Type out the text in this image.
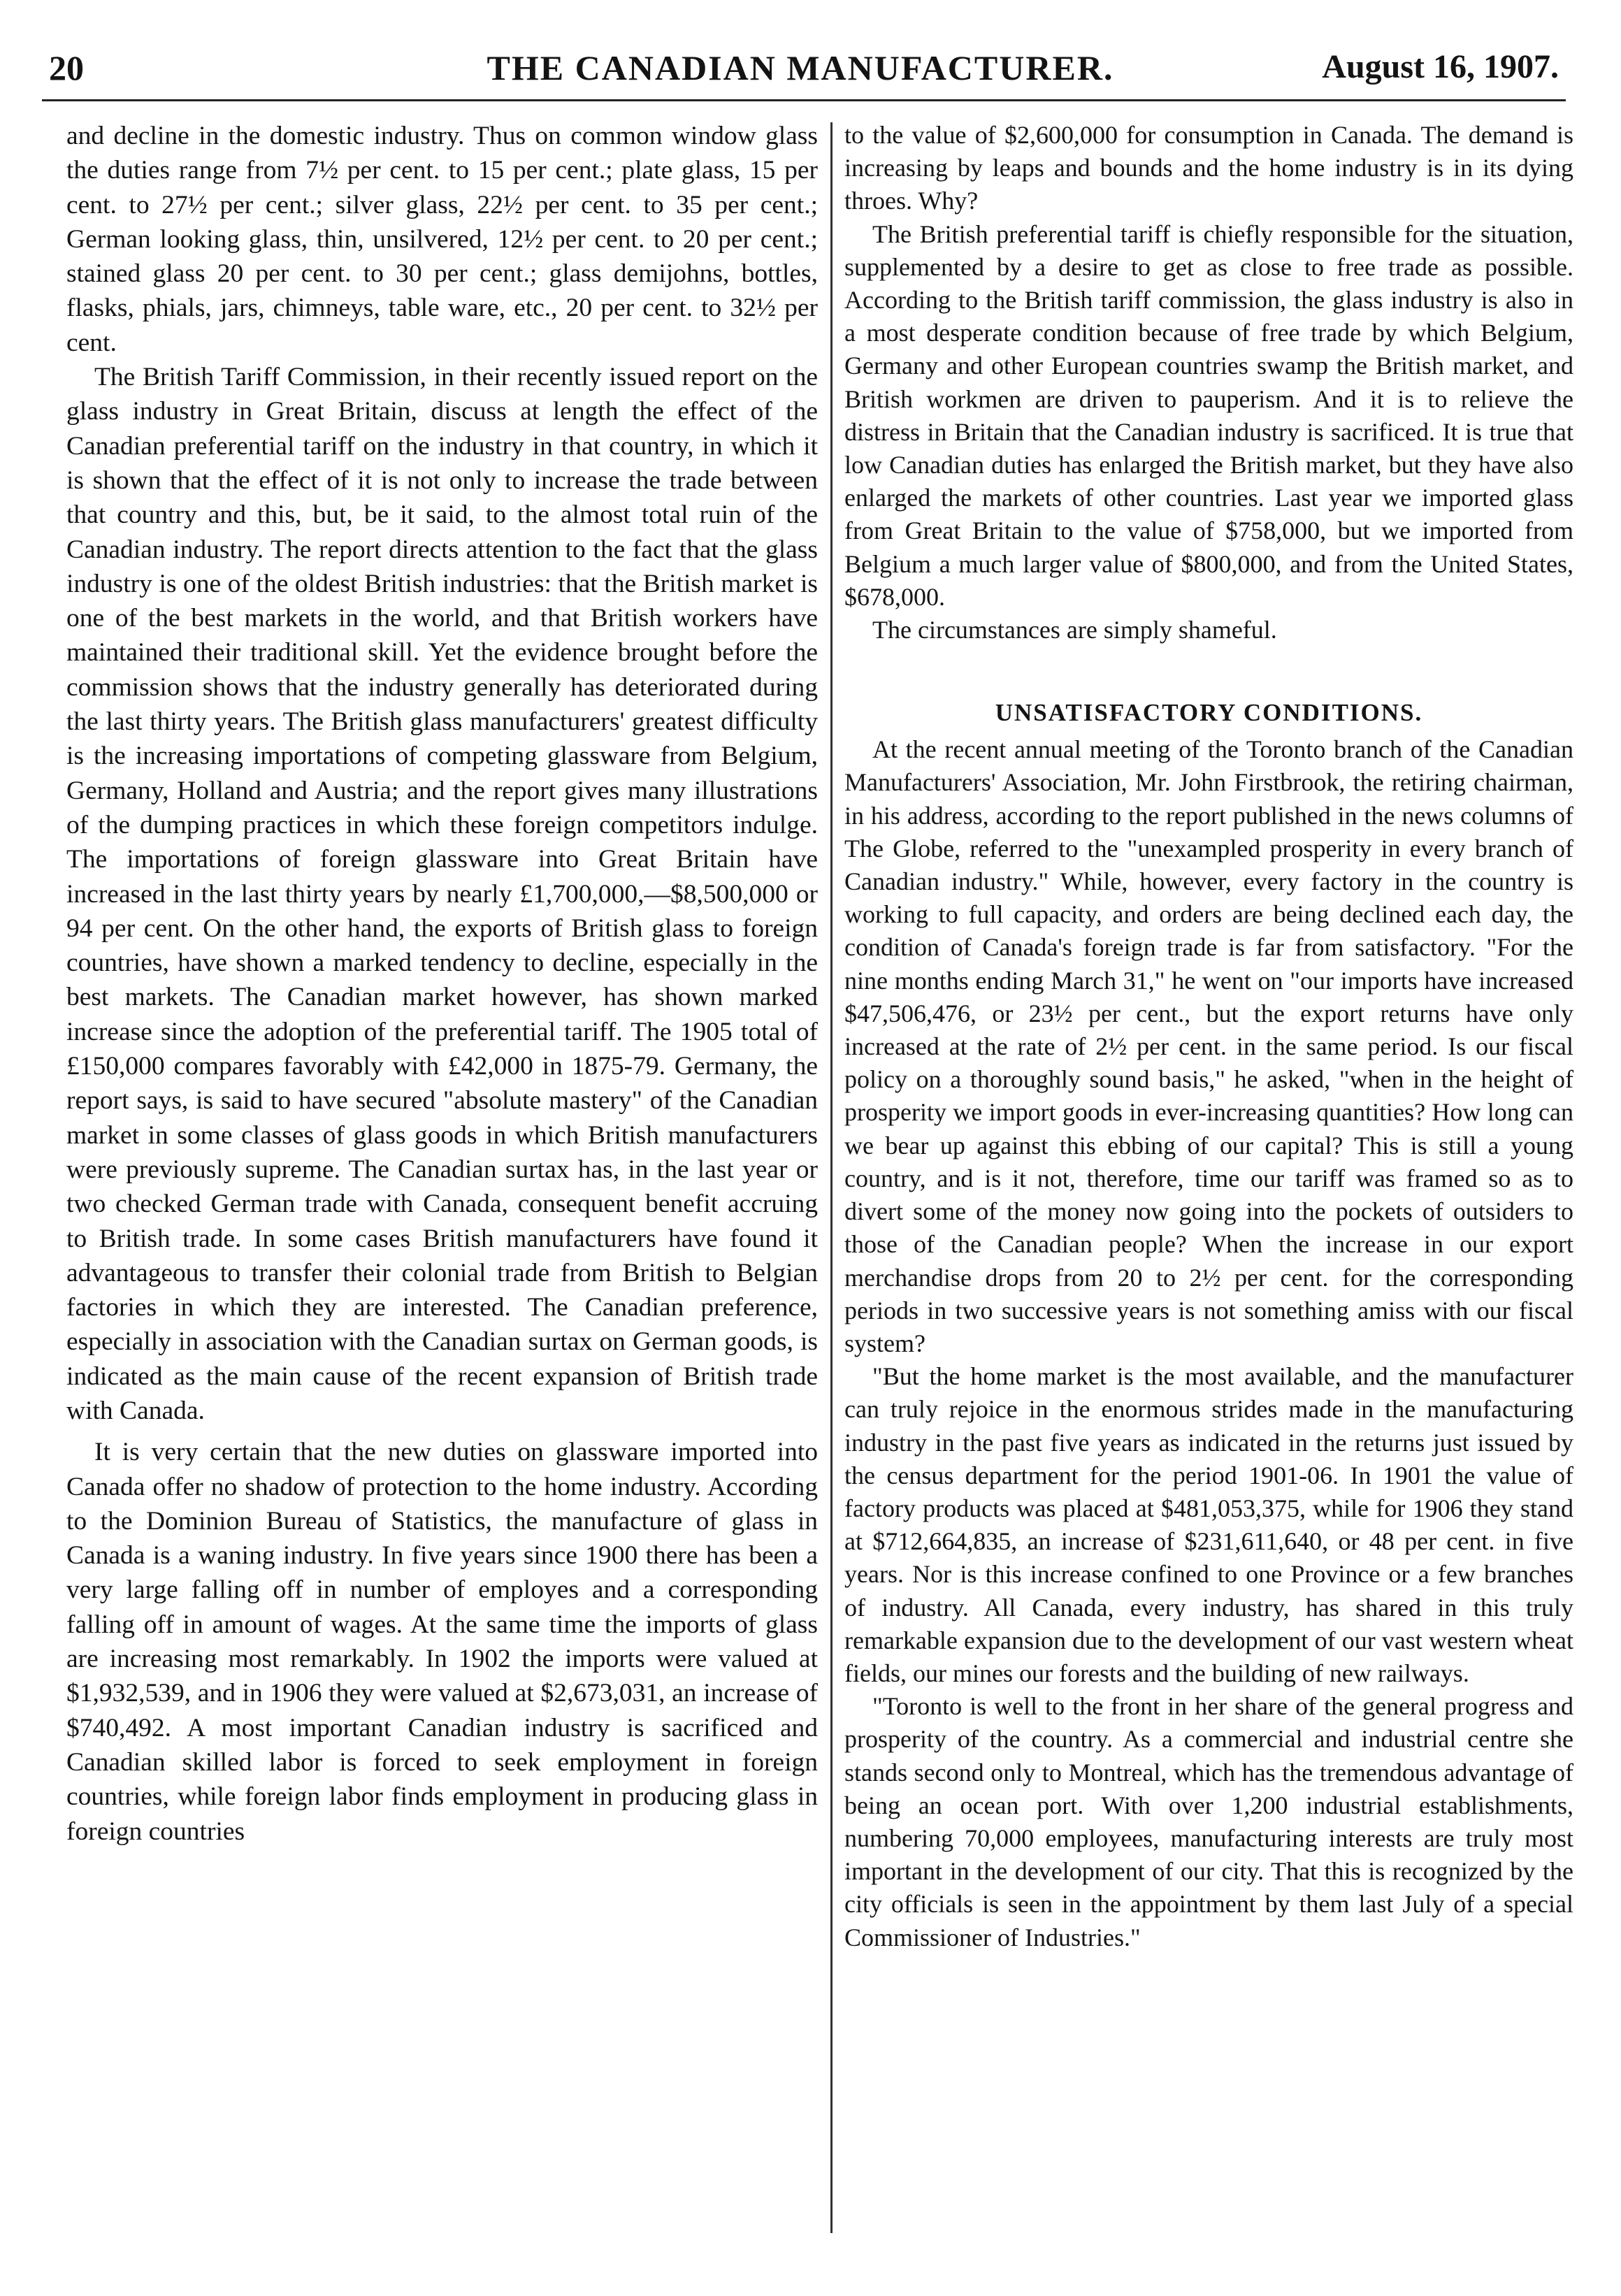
20	THE CANADIAN MANUFACTURER.	August 16, 1907.

and decline in the domestic industry. Thus on common window glass the duties range from 7½ per cent. to 15 per cent.; plate glass, 15 per cent. to 27½ per cent.; silver glass, 22½ per cent. to 35 per cent.; German looking glass, thin, unsilvered, 12½ per cent. to 20 per cent.; stained glass 20 per cent. to 30 per cent.; glass demijohns, bottles, flasks, phials, jars, chimneys, table ware, etc., 20 per cent. to 32½ per cent.

The British Tariff Commission, in their recently issued report on the glass industry in Great Britain, discuss at length the effect of the Canadian preferential tariff on the industry in that country, in which it is shown that the effect of it is not only to increase the trade between that country and this, but, be it said, to the almost total ruin of the Canadian industry. The report directs attention to the fact that the glass industry is one of the oldest British industries: that the British market is one of the best markets in the world, and that British workers have maintained their traditional skill. Yet the evidence brought before the commission shows that the industry generally has deteriorated during the last thirty years. The British glass manufacturers' greatest difficulty is the increasing importations of competing glassware from Belgium, Germany, Holland and Austria; and the report gives many illustrations of the dumping practices in which these foreign competitors indulge. The importations of foreign glassware into Great Britain have increased in the last thirty years by nearly £1,700,000,—$8,500,000 or 94 per cent. On the other hand, the exports of British glass to foreign countries, have shown a marked tendency to decline, especially in the best markets. The Canadian market however, has shown marked increase since the adoption of the preferential tariff. The 1905 total of £150,000 compares favorably with £42,000 in 1875-79. Germany, the report says, is said to have secured "absolute mastery" of the Canadian market in some classes of glass goods in which British manufacturers were previously supreme. The Canadian surtax has, in the last year or two checked German trade with Canada, consequent benefit accruing to British trade. In some cases British manufacturers have found it advantageous to transfer their colonial trade from British to Belgian factories in which they are interested. The Canadian preference, especially in association with the Canadian surtax on German goods, is indicated as the main cause of the recent expansion of British trade with Canada.

It is very certain that the new duties on glassware imported into Canada offer no shadow of protection to the home industry. According to the Dominion Bureau of Statistics, the manufacture of glass in Canada is a waning industry. In five years since 1900 there has been a very large falling off in number of employes and a corresponding falling off in amount of wages. At the same time the imports of glass are increasing most remarkably. In 1902 the imports were valued at $1,932,539, and in 1906 they were valued at $2,673,031, an increase of $740,492. A most important Canadian industry is sacrificed and Canadian skilled labor is forced to seek employment in foreign countries, while foreign labor finds employment in producing glass in foreign countries

to the value of $2,600,000 for consumption in Canada. The demand is increasing by leaps and bounds and the home industry is in its dying throes. Why?

The British preferential tariff is chiefly responsible for the situation, supplemented by a desire to get as close to free trade as possible. According to the British tariff commission, the glass industry is also in a most desperate condition because of free trade by which Belgium, Germany and other European countries swamp the British market, and British workmen are driven to pauperism. And it is to relieve the distress in Britain that the Canadian industry is sacrificed. It is true that low Canadian duties has enlarged the British market, but they have also enlarged the markets of other countries. Last year we imported glass from Great Britain to the value of $758,000, but we imported from Belgium a much larger value of $800,000, and from the United States, $678,000.

The circumstances are simply shameful.

UNSATISFACTORY CONDITIONS.

At the recent annual meeting of the Toronto branch of the Canadian Manufacturers' Association, Mr. John Firstbrook, the retiring chairman, in his address, according to the report published in the news columns of The Globe, referred to the "unexampled prosperity in every branch of Canadian industry." While, however, every factory in the country is working to full capacity, and orders are being declined each day, the condition of Canada's foreign trade is far from satisfactory. "For the nine months ending March 31," he went on "our imports have increased $47,506,476, or 23½ per cent., but the export returns have only increased at the rate of 2½ per cent. in the same period. Is our fiscal policy on a thoroughly sound basis," he asked, "when in the height of prosperity we import goods in ever-increasing quantities? How long can we bear up against this ebbing of our capital? This is still a young country, and is it not, therefore, time our tariff was framed so as to divert some of the money now going into the pockets of outsiders to those of the Canadian people? When the increase in our export merchandise drops from 20 to 2½ per cent. for the corresponding periods in two successive years is not something amiss with our fiscal system?

"But the home market is the most available, and the manufacturer can truly rejoice in the enormous strides made in the manufacturing industry in the past five years as indicated in the returns just issued by the census department for the period 1901-06. In 1901 the value of factory products was placed at $481,053,375, while for 1906 they stand at $712,664,835, an increase of $231,611,640, or 48 per cent. in five years. Nor is this increase confined to one Province or a few branches of industry. All Canada, every industry, has shared in this truly remarkable expansion due to the development of our vast western wheat fields, our mines our forests and the building of new railways.

"Toronto is well to the front in her share of the general progress and prosperity of the country. As a commercial and industrial centre she stands second only to Montreal, which has the tremendous advantage of being an ocean port. With over 1,200 industrial establishments, numbering 70,000 employees, manufacturing interests are truly most important in the development of our city. That this is recognized by the city officials is seen in the appointment by them last July of a special Commissioner of Industries."
